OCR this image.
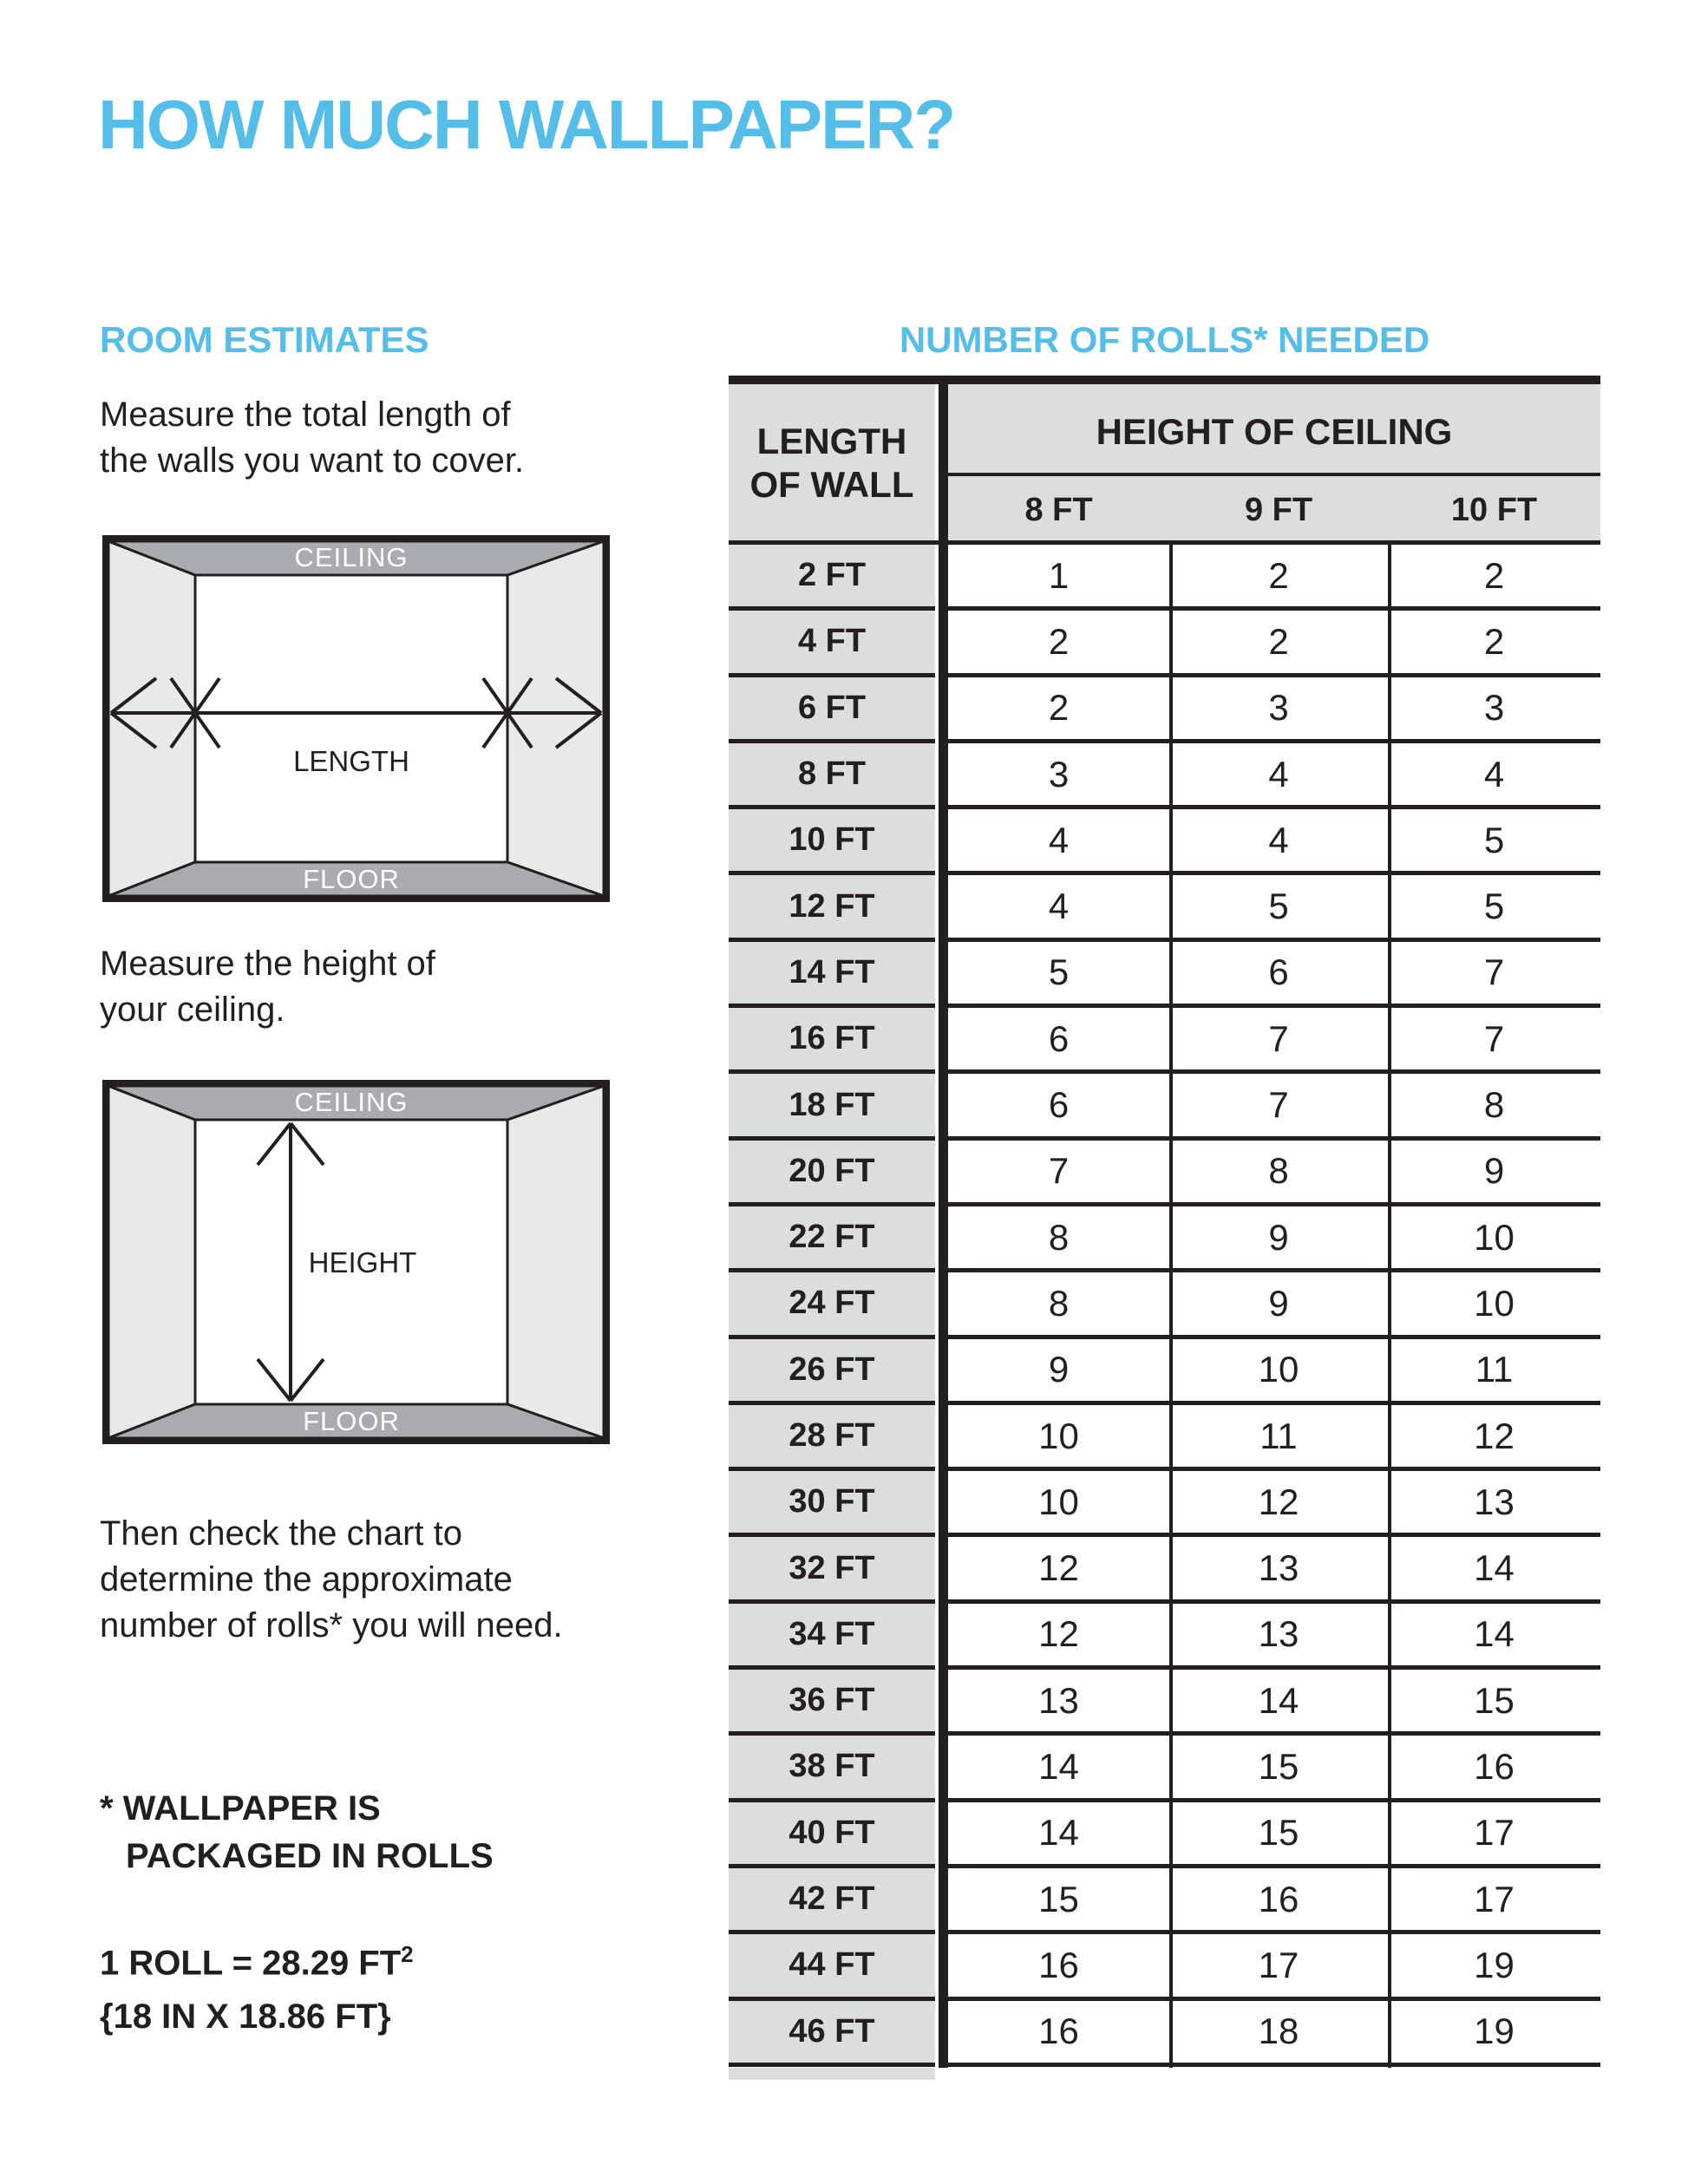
HOW MUCH WALLPAPER?
ROOM ESTIMATES
Measure the total length of
the walls you want to cover.
CEILING
FLOOR
LENGTH
Measure the height of
your ceiling.
CEILING
FLOOR
HEIGHT
Then check the chart to
determine the approximate
number of rolls* you will need.
* WALLPAPER IS
PACKAGED IN ROLLS
1 ROLL = 28.29 $FT^2$
{18 IN X 18.86 FT}
NUMBER OF ROLLS* NEEDED
LENGTH
OF WALL
HEIGHT OF CEILING
8 FT	9 FT	10 FT
2 FT	1	2	2
4 FT	2	2	2
6 FT	2	3	3
8 FT	3	4	4
10 FT	4	4	5
12 FT	4	5	5
14 FT	5	6	7
16 FT	6	7	7
18 FT	6	7	8
20 FT	7	8	9
22 FT	8	9	10
24 FT	8	9	10
26 FT	9	10	11
28 FT	10	11	12
30 FT	10	12	13
32 FT	12	13	14
34 FT	12	13	14
36 FT	13	14	15
38 FT	14	15	16
40 FT	14	15	17
42 FT	15	16	17
44 FT	16	17	19
46 FT	16	18	19
